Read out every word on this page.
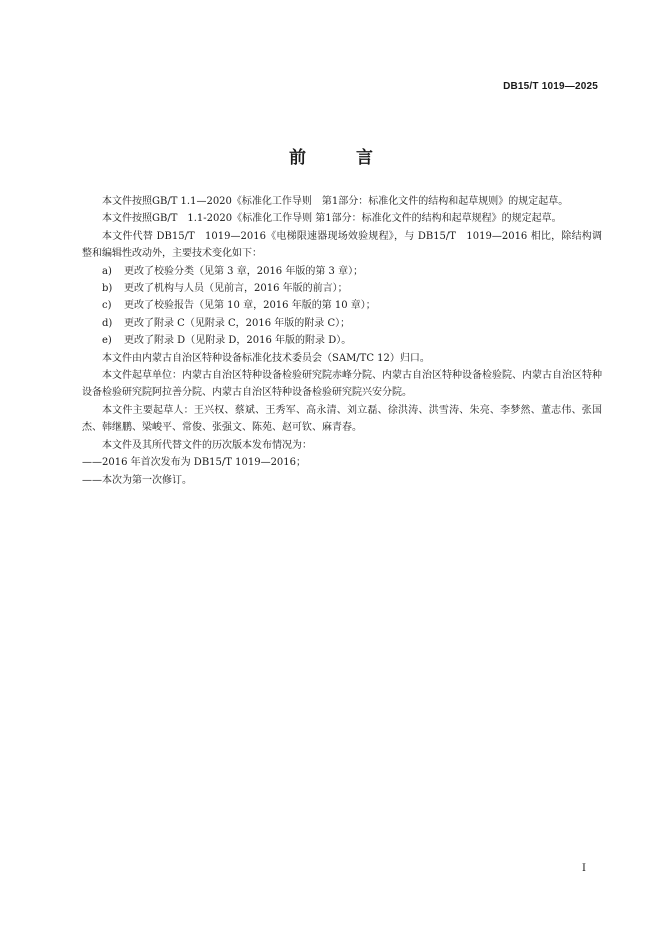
DB15/T 1019—2025
前 言

本文件按照GB/T 1.1—2020《标准化工作导则　第1部分：标准化文件的结构和起草规则》的规定起草。

本文件按照GB/T　1.1-2020《标准化工作导则 第1部分：标准化文件的结构和起草规程》的规定起草。

本文件代替 DB15/T　1019—2016《电梯限速器现场效验规程》，与 DB15/T　1019—2016 相比，除结构调整和编辑性改动外，主要技术变化如下：

a) 更改了校验分类（见第 3 章，2016 年版的第 3 章）；
b) 更改了机构与人员（见前言，2016 年版的前言）；
c) 更改了校验报告（见第 10 章，2016 年版的第 10 章）；
d) 更改了附录 C（见附录 C，2016 年版的附录 C）；
e) 更改了附录 D（见附录 D，2016 年版的附录 D）。

本文件由内蒙古自治区特种设备标准化技术委员会（SAM/TC 12）归口。

本文件起草单位：内蒙古自治区特种设备检验研究院赤峰分院、内蒙古自治区特种设备检验院、内蒙古自治区特种设备检验研究院阿拉善分院、内蒙古自治区特种设备检验研究院兴安分院。

本文件主要起草人：王兴权、蔡斌、王秀军、高永清、刘立磊、徐洪涛、洪雪涛、朱亮、李梦然、董志伟、张国杰、韩继鹏、梁峻平、常俊、张强文、陈苑、赵可钦、麻青春。

本文件及其所代替文件的历次版本发布情况为：

——2016 年首次发布为 DB15/T 1019—2016；

——本次为第一次修订。

I
